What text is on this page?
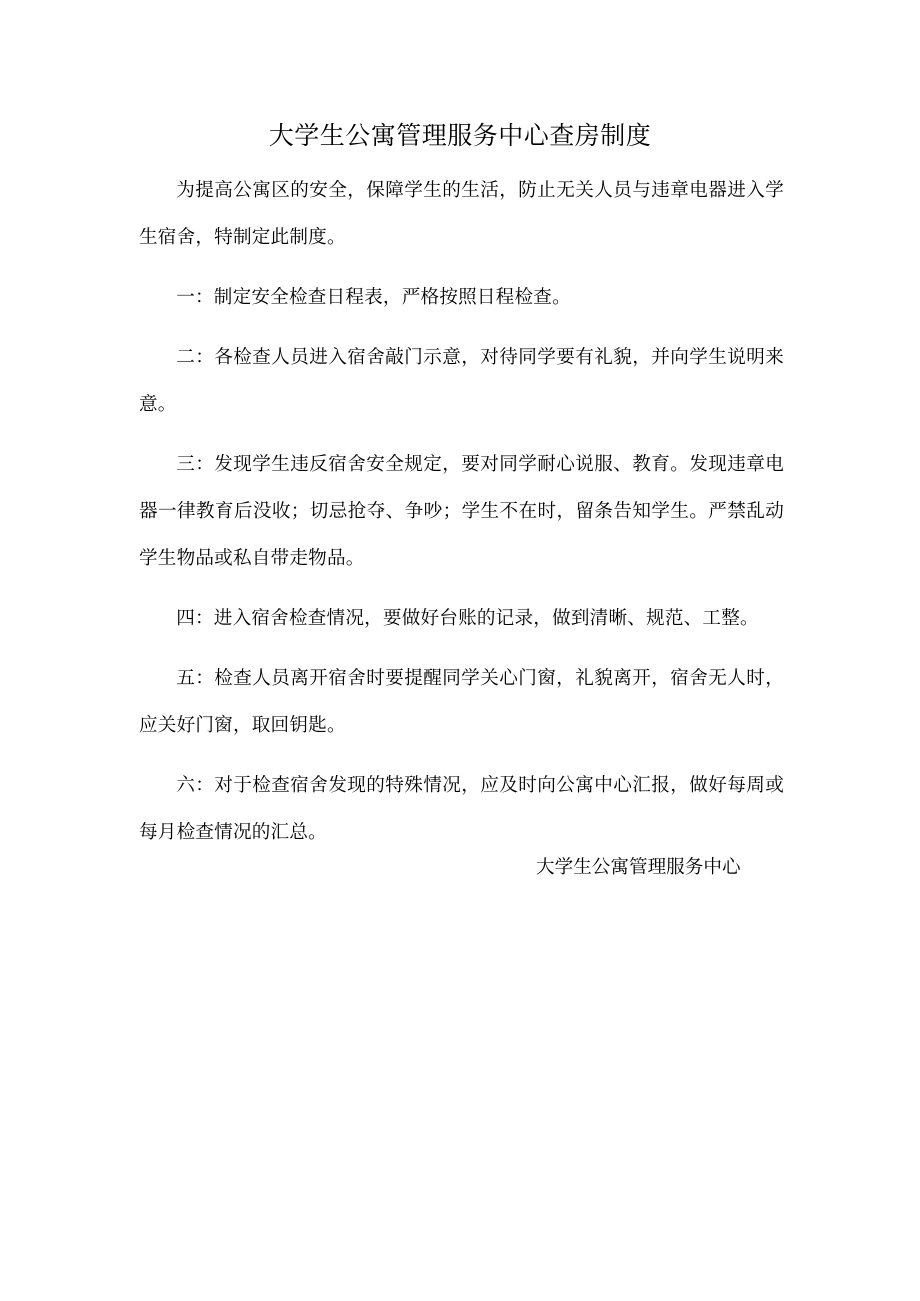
大学生公寓管理服务中心查房制度

为提高公寓区的安全，保障学生的生活，防止无关人员与违章电器进入学生宿舍，特制定此制度。

一：制定安全检查日程表，严格按照日程检查。

二：各检查人员进入宿舍敲门示意，对待同学要有礼貌，并向学生说明来意。

三：发现学生违反宿舍安全规定，要对同学耐心说服、教育。发现违章电器一律教育后没收；切忌抢夺、争吵；学生不在时，留条告知学生。严禁乱动学生物品或私自带走物品。

四：进入宿舍检查情况，要做好台账的记录，做到清晰、规范、工整。

五：检查人员离开宿舍时要提醒同学关心门窗，礼貌离开，宿舍无人时，应关好门窗，取回钥匙。

六：对于检查宿舍发现的特殊情况，应及时向公寓中心汇报，做好每周或每月检查情况的汇总。

大学生公寓管理服务中心
